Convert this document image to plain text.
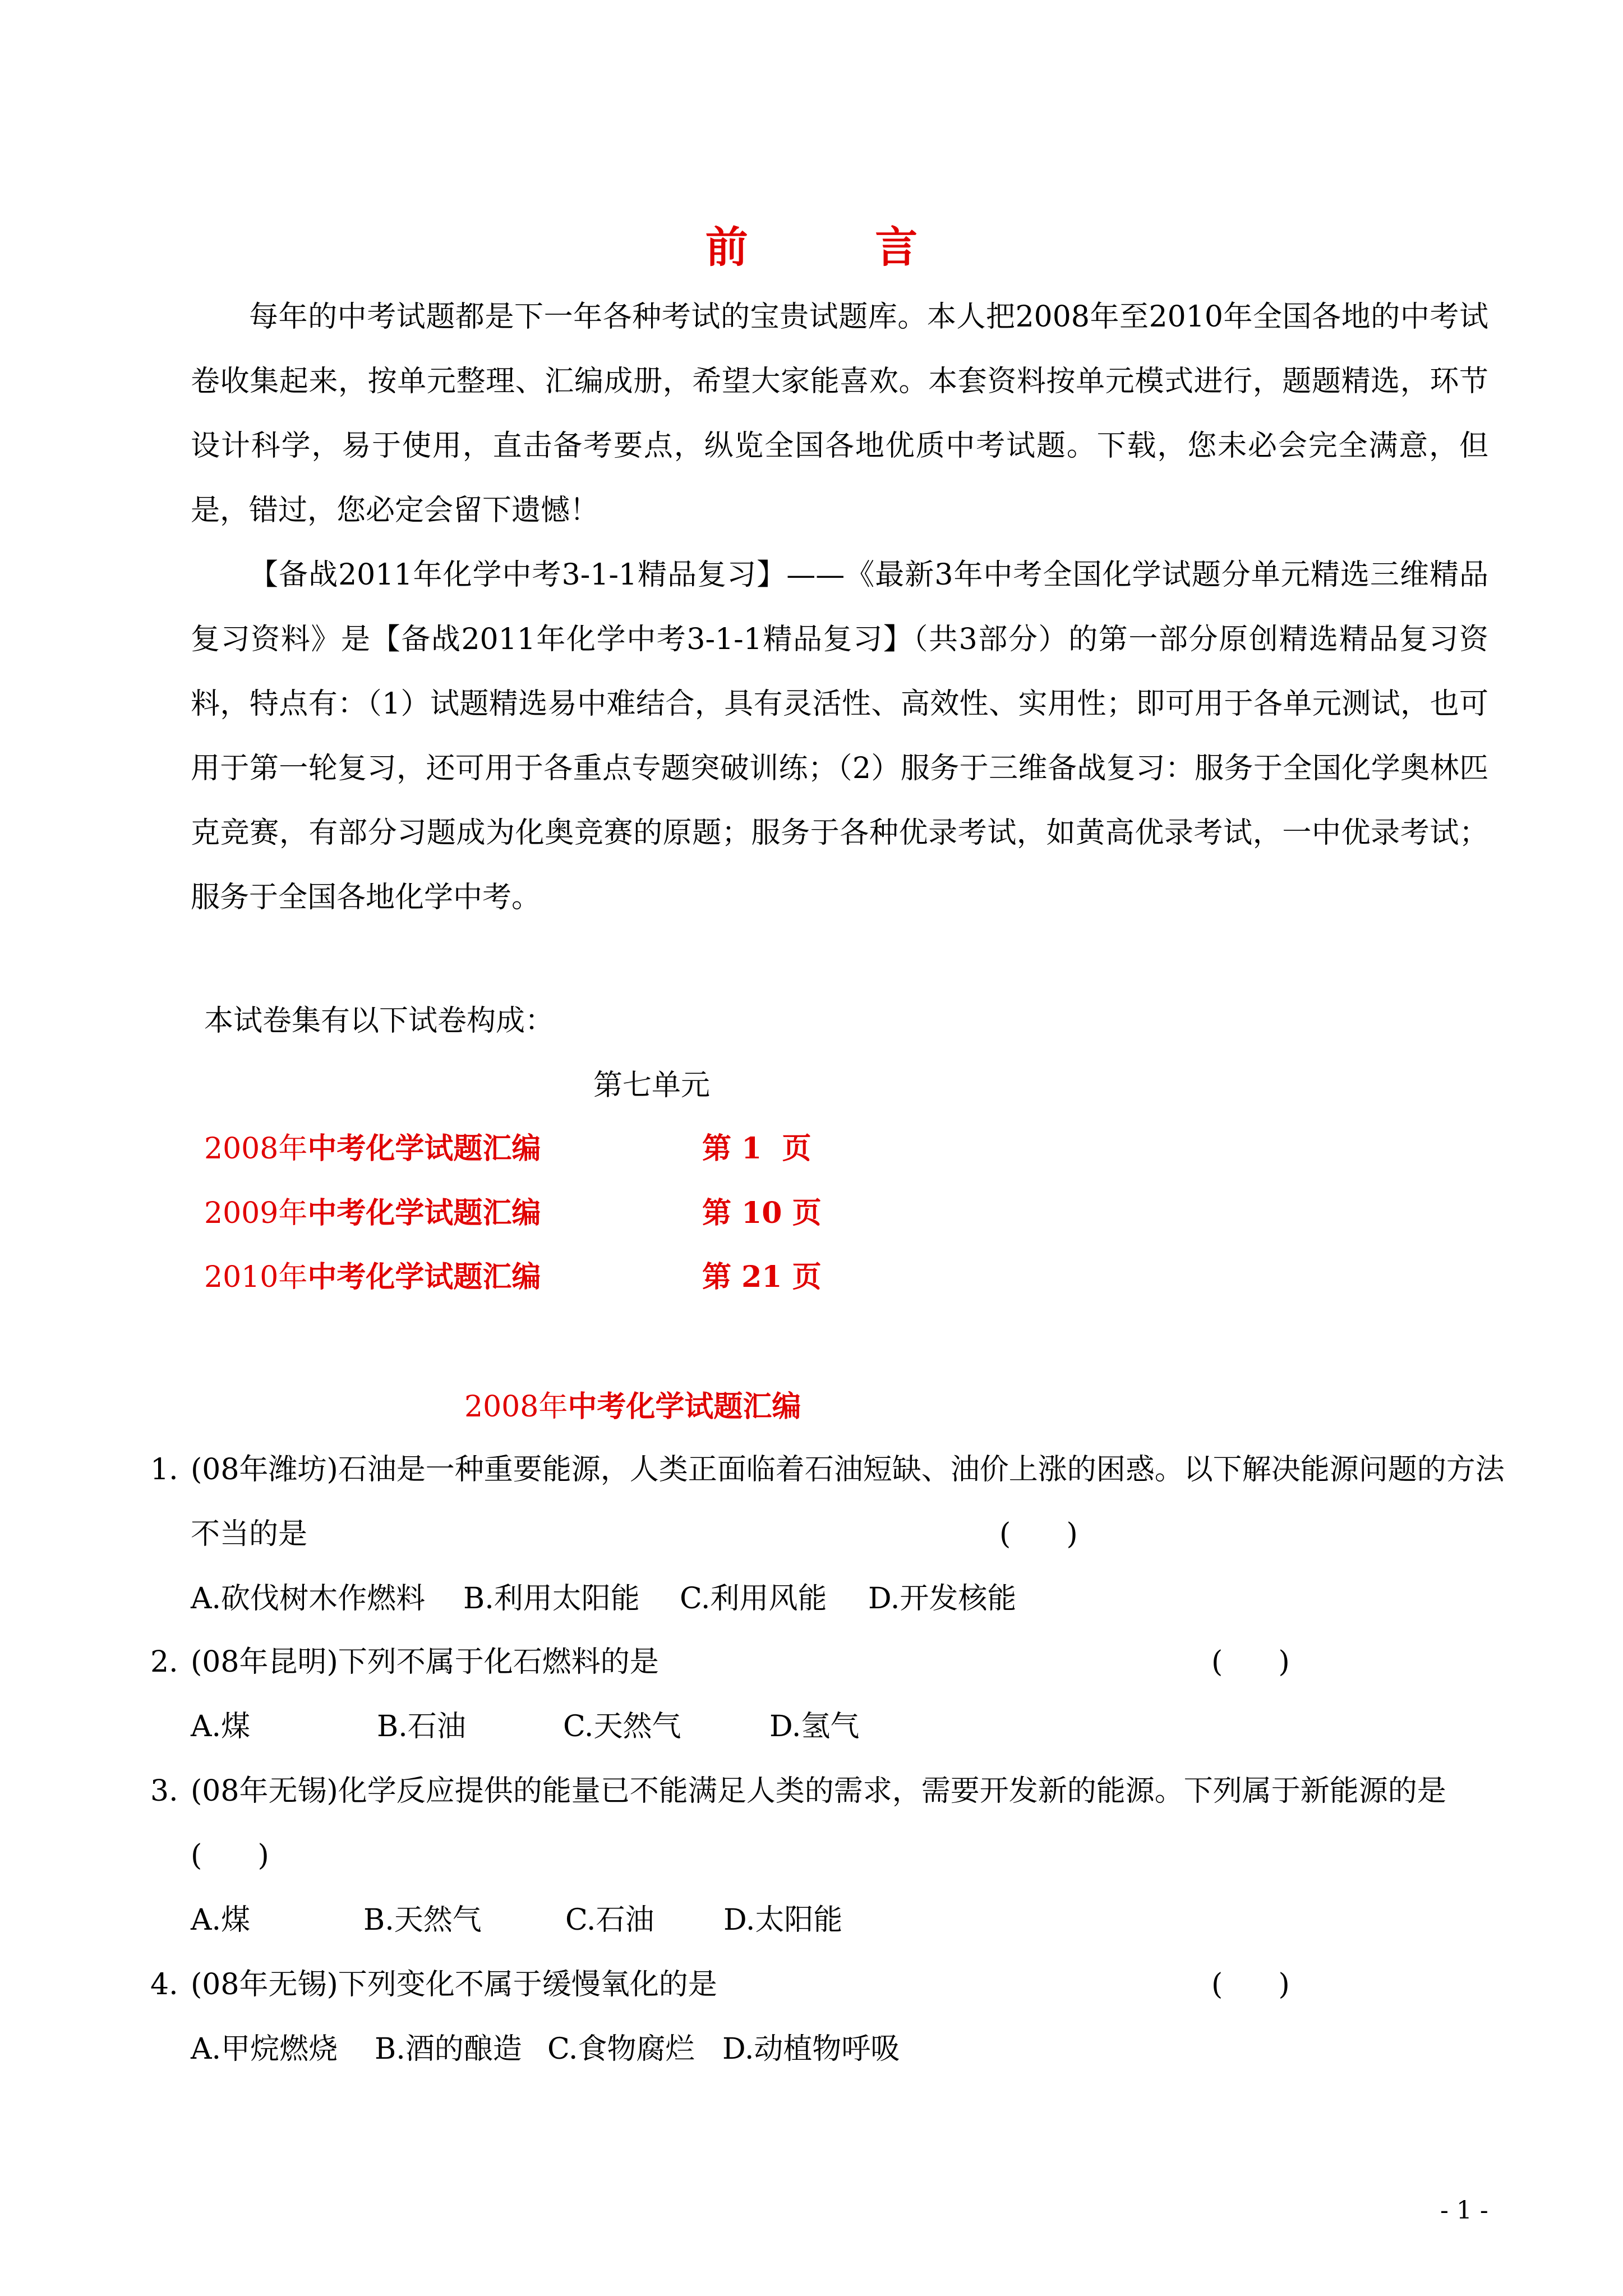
前 言
每年的中考试题都是下一年各种考试的宝贵试题库。本人把2008年至2010年全国各地的中考试卷收集起来，按单元整理、汇编成册，希望大家能喜欢。本套资料按单元模式进行，题题精选，环节设计科学，易于使用，直击备考要点，纵览全国各地优质中考试题。下载，您未必会完全满意，但是，错过，您必定会留下遗憾！
【备战2011年化学中考3-1-1精品复习】——《最新3年中考全国化学试题分单元精选三维精品复习资料》是【备战2011年化学中考3-1-1精品复习】（共3部分）的第一部分原创精选精品复习资料，特点有：（1）试题精选易中难结合，具有灵活性、高效性、实用性；即可用于各单元测试，也可用于第一轮复习，还可用于各重点专题突破训练；（2）服务于三维备战复习：服务于全国化学奥林匹克竞赛，有部分习题成为化奥竞赛的原题；服务于各种优录考试，如黄高优录考试，一中优录考试；服务于全国各地化学中考。
本试卷集有以下试卷构成：
第七单元
2008年中考化学试题汇编	第 1  页
2009年中考化学试题汇编	第 10 页
2010年中考化学试题汇编	第 21 页
2008年中考化学试题汇编
1. (08年潍坊)石油是一种重要能源，人类正面临着石油短缺、油价上涨的困惑。以下解决能源问题的方法
不当的是	(      )
A.砍伐树木作燃料 B.利用太阳能 C.利用风能 D.开发核能
2. (08年昆明)下列不属于化石燃料的是	(      )
A.煤	B.石油	C.天然气	D.氢气
3. (08年无锡)化学反应提供的能量已不能满足人类的需求，需要开发新的能源。下列属于新能源的是
(      )
A.煤	B.天然气	C.石油 D.太阳能
4. (08年无锡)下列变化不属于缓慢氧化的是	(      )
A.甲烷燃烧 B.酒的酿造 C.食物腐烂 D.动植物呼吸
- 1 -
